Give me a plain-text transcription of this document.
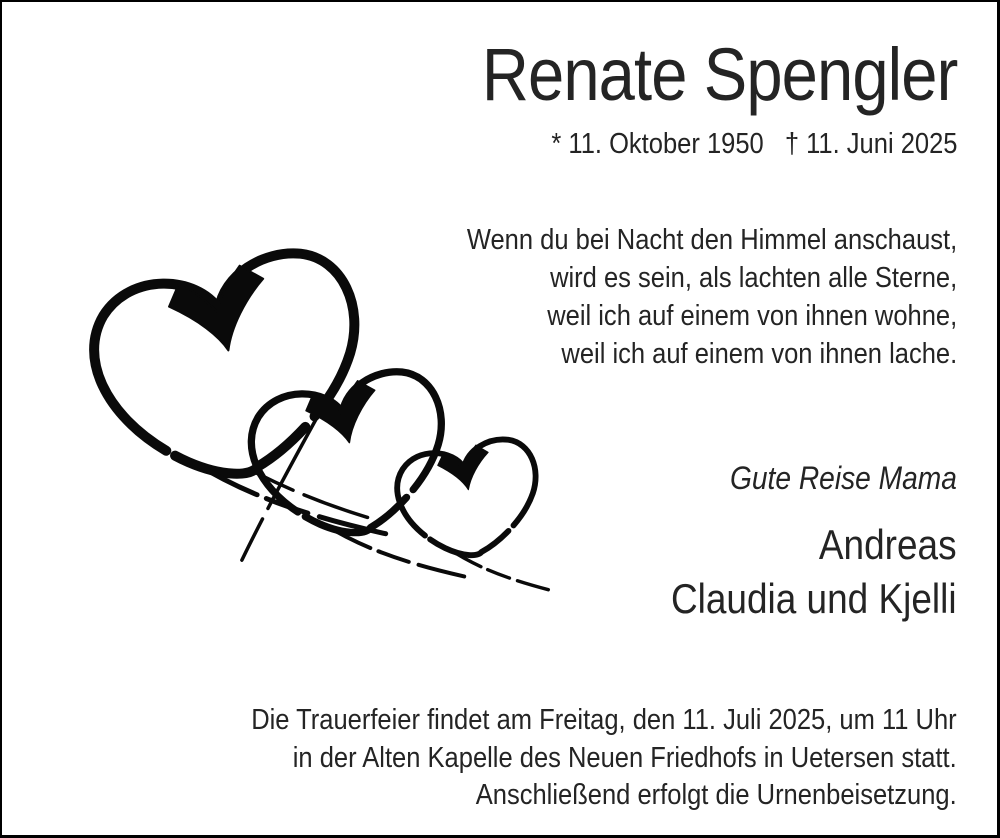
Renate Spengler
* 11. Oktober 1950 † 11. Juni 2025
Wenn du bei Nacht den Himmel anschaust,
wird es sein, als lachten alle Sterne,
weil ich auf einem von ihnen wohne,
weil ich auf einem von ihnen lache.
Gute Reise Mama
Andreas
Claudia und Kjelli
Die Trauerfeier findet am Freitag, den 11. Juli 2025, um 11 Uhr
in der Alten Kapelle des Neuen Friedhofs in Uetersen statt.
Anschließend erfolgt die Urnenbeisetzung.
